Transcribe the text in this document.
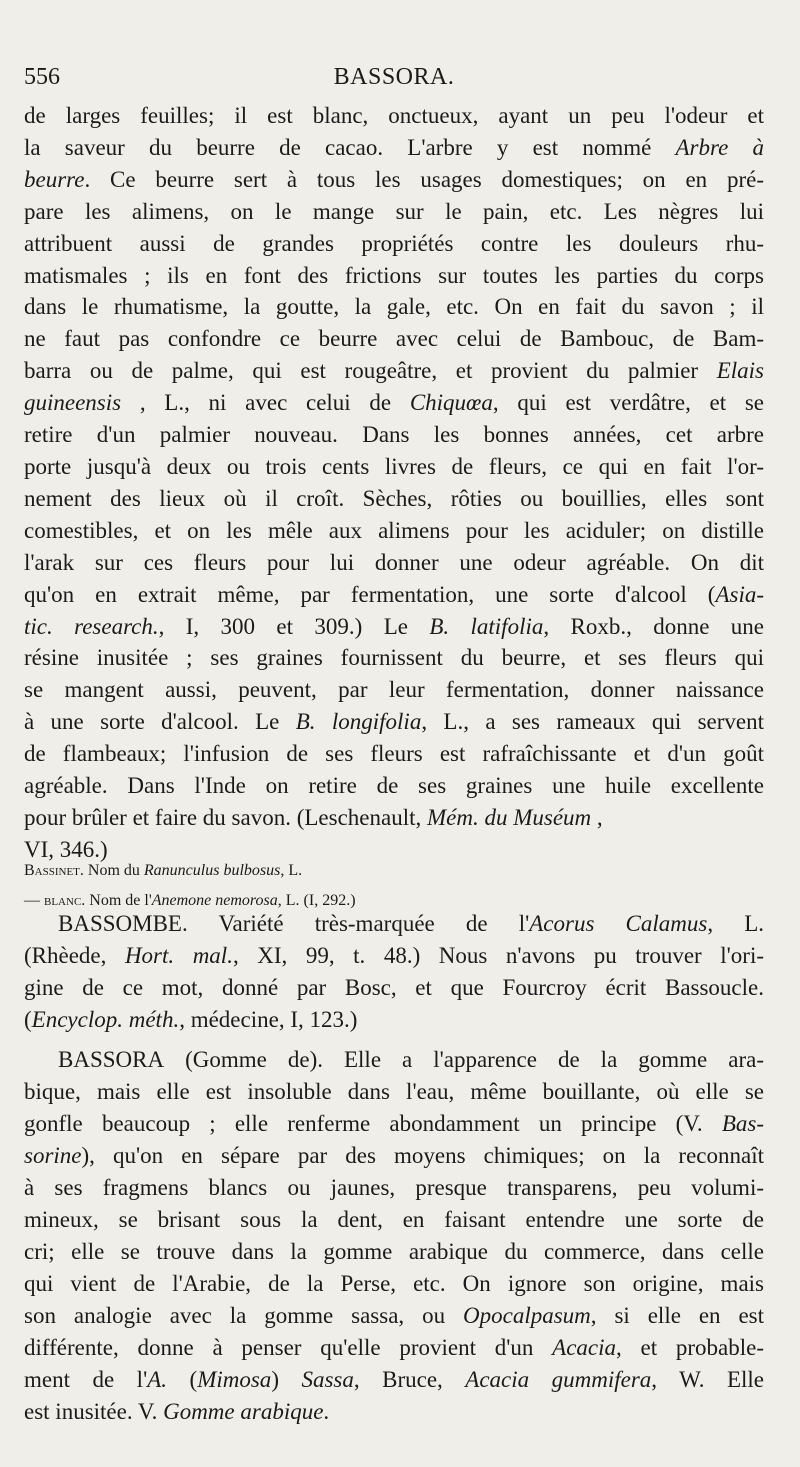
556	BASSORA.
de larges feuilles; il est blanc, onctueux, ayant un peu l'odeur et
la saveur du beurre de cacao. L'arbre y est nommé Arbre à
beurre. Ce beurre sert à tous les usages domestiques; on en pré-
pare les alimens, on le mange sur le pain, etc. Les nègres lui
attribuent aussi de grandes propriétés contre les douleurs rhu-
matismales ; ils en font des frictions sur toutes les parties du corps
dans le rhumatisme, la goutte, la gale, etc. On en fait du savon ; il
ne faut pas confondre ce beurre avec celui de Bambouc, de Bam-
barra ou de palme, qui est rougeâtre, et provient du palmier Elais
guineensis , L., ni avec celui de Chiquœa, qui est verdâtre, et se
retire d'un palmier nouveau. Dans les bonnes années, cet arbre
porte jusqu'à deux ou trois cents livres de fleurs, ce qui en fait l'or-
nement des lieux où il croît. Sèches, rôties ou bouillies, elles sont
comestibles, et on les mêle aux alimens pour les aciduler; on distille
l'arak sur ces fleurs pour lui donner une odeur agréable. On dit
qu'on en extrait même, par fermentation, une sorte d'alcool (Asia-
tic. research., I, 300 et 309.) Le B. latifolia, Roxb., donne une
résine inusitée ; ses graines fournissent du beurre, et ses fleurs qui
se mangent aussi, peuvent, par leur fermentation, donner naissance
à une sorte d'alcool. Le B. longifolia, L., a ses rameaux qui servent
de flambeaux; l'infusion de ses fleurs est rafraîchissante et d'un goût
agréable. Dans l'Inde on retire de ses graines une huile excellente
pour brûler et faire du savon. (Leschenault, Mém. du Muséum ,
VI, 346.)
Bassinet. Nom du Ranunculus bulbosus, L.
— blanc. Nom de l'Anemone nemorosa, L. (I, 292.)
BASSOMBE. Variété très-marquée de l'Acorus Calamus, L.
(Rhèede, Hort. mal., XI, 99, t. 48.) Nous n'avons pu trouver l'ori-
gine de ce mot, donné par Bosc, et que Fourcroy écrit Bassoucle.
(Encyclop. méth., médecine, I, 123.)
BASSORA (Gomme de). Elle a l'apparence de la gomme ara-
bique, mais elle est insoluble dans l'eau, même bouillante, où elle se
gonfle beaucoup ; elle renferme abondamment un principe (V. Bas-
sorine), qu'on en sépare par des moyens chimiques; on la reconnaît
à ses fragmens blancs ou jaunes, presque transparens, peu volumi-
mineux, se brisant sous la dent, en faisant entendre une sorte de
cri; elle se trouve dans la gomme arabique du commerce, dans celle
qui vient de l'Arabie, de la Perse, etc. On ignore son origine, mais
son analogie avec la gomme sassa, ou Opocalpasum, si elle en est
différente, donne à penser qu'elle provient d'un Acacia, et probable-
ment de l'A. (Mimosa) Sassa, Bruce, Acacia gummifera, W. Elle
est inusitée. V. Gomme arabique.
